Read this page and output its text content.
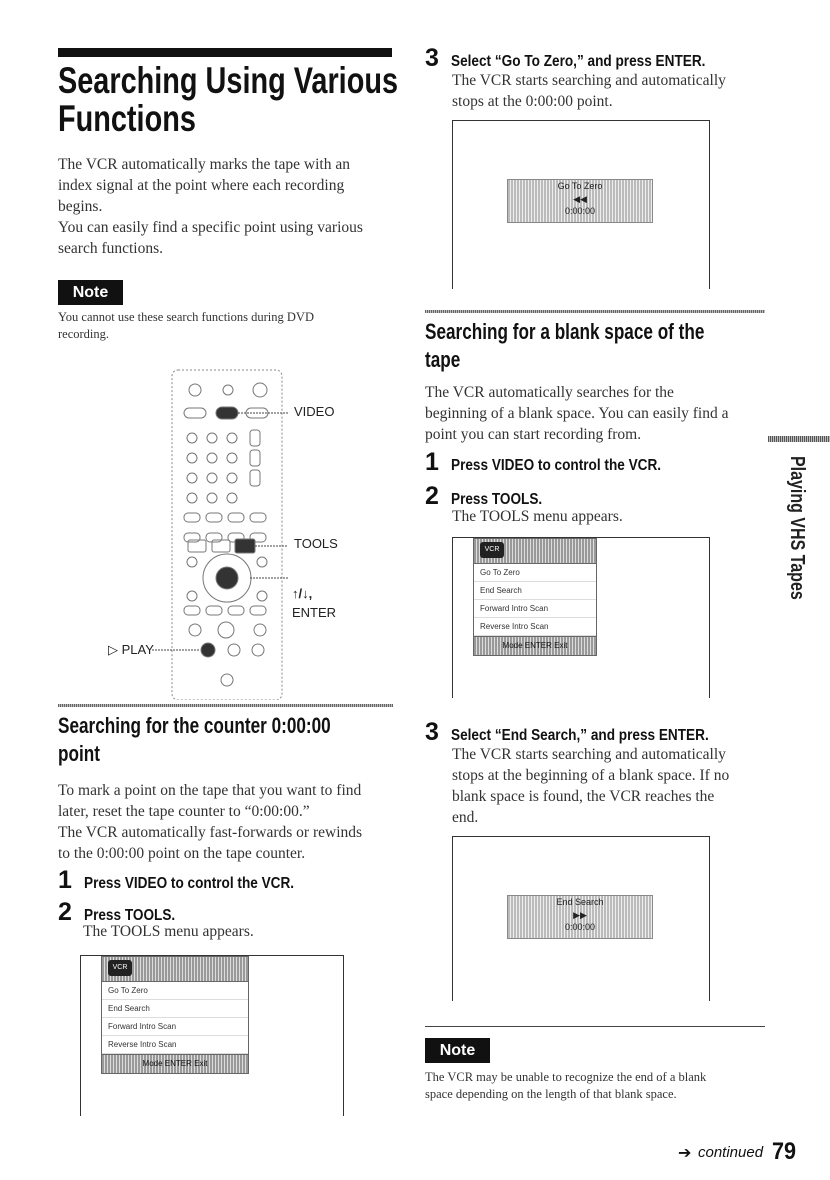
Searching Using Various
Functions
The VCR automatically marks the tape with an
index signal at the point where each recording
begins.
You can easily find a specific point using various
search functions.
Note
You cannot use these search functions during DVD
recording.
VIDEO
TOOLS
↑/↓,
ENTER
▷ PLAY
Searching for the counter 0:00:00
point
To mark a point on the tape that you want to find
later, reset the tape counter to “0:00:00.”
The VCR automatically fast-forwards or rewinds
to the 0:00:00 point on the tape counter.
1 Press VIDEO to control the VCR.
2 Press TOOLS.
The TOOLS menu appears.
VCR
Go To Zero
End Search
Forward Intro Scan
Reverse Intro Scan
Mode ENTER Exit
3 Select “Go To Zero,” and press ENTER.
The VCR starts searching and automatically
stops at the 0:00:00 point.
Go To Zero
◀◀
0:00:00
Searching for a blank space of the
tape
The VCR automatically searches for the
beginning of a blank space. You can easily find a
point you can start recording from.
1 Press VIDEO to control the VCR.
2 Press TOOLS.
The TOOLS menu appears.
VCR
Go To Zero
End Search
Forward Intro Scan
Reverse Intro Scan
Mode ENTER Exit
3 Select “End Search,” and press ENTER.
The VCR starts searching and automatically
stops at the beginning of a blank space. If no
blank space is found, the VCR reaches the
end.
End Search
▶▶
0:00:00
Note
The VCR may be unable to recognize the end of a blank
space depending on the length of that blank space.
Playing VHS Tapes
➔ continued 79
